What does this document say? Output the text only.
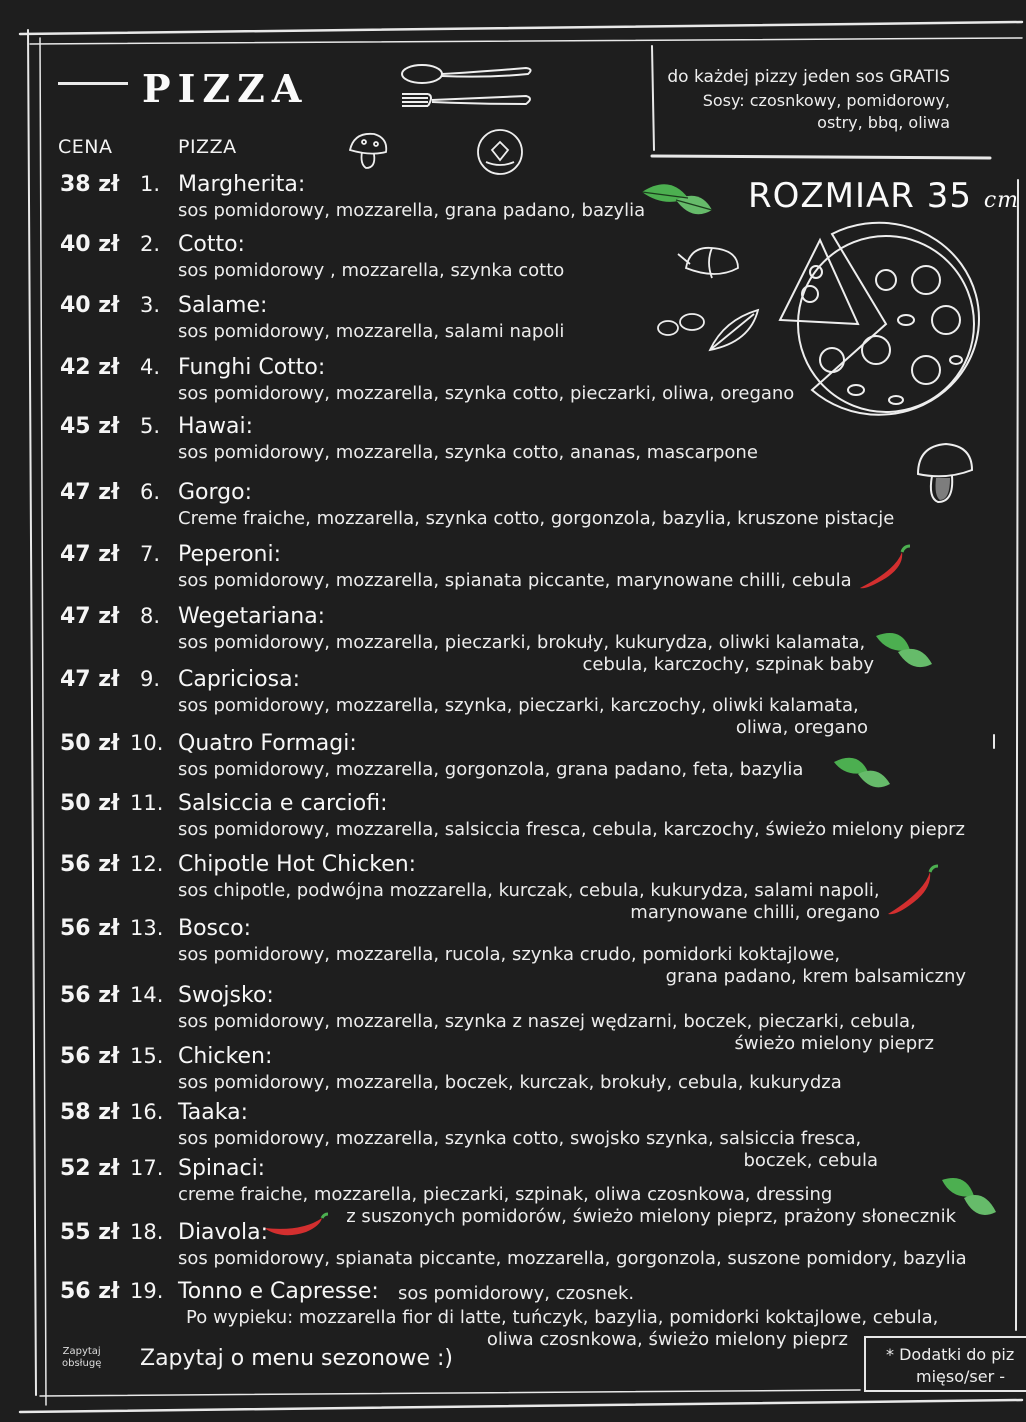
PIZZA
CENA	PIZZA
do każdej pizzy jeden sos GRATIS
Sosy: czosnkowy, pomidorowy,
ostry, bbq, oliwa
ROZMIAR 35 cm
38 zł 1. Margherita:
sos pomidorowy, mozzarella, grana padano, bazylia
40 zł 2. Cotto:
sos pomidorowy , mozzarella, szynka cotto
40 zł 3. Salame:
sos pomidorowy, mozzarella, salami napoli
42 zł 4. Funghi Cotto:
sos pomidorowy, mozzarella, szynka cotto, pieczarki, oliwa, oregano
45 zł 5. Hawai:
sos pomidorowy, mozzarella, szynka cotto, ananas, mascarpone
47 zł 6. Gorgo:
Creme fraiche, mozzarella, szynka cotto, gorgonzola, bazylia, kruszone pistacje
47 zł 7. Peperoni:
sos pomidorowy, mozzarella, spianata piccante, marynowane chilli, cebula
47 zł 8. Wegetariana:
sos pomidorowy, mozzarella, pieczarki, brokuły, kukurydza, oliwki kalamata,
cebula, karczochy, szpinak baby
47 zł 9. Capriciosa:
sos pomidorowy, mozzarella, szynka, pieczarki, karczochy, oliwki kalamata,
oliwa, oregano
50 zł 10. Quatro Formagi:
sos pomidorowy, mozzarella, gorgonzola, grana padano, feta, bazylia
50 zł 11. Salsiccia e carciofi:
sos pomidorowy, mozzarella, salsiccia fresca, cebula, karczochy, świeżo mielony pieprz
56 zł 12. Chipotle Hot Chicken:
sos chipotle, podwójna mozzarella, kurczak, cebula, kukurydza, salami napoli,
marynowane chilli, oregano
56 zł 13. Bosco:
sos pomidorowy, mozzarella, rucola, szynka crudo, pomidorki koktajlowe,
grana padano, krem balsamiczny
56 zł 14. Swojsko:
sos pomidorowy, mozzarella, szynka z naszej wędzarni, boczek, pieczarki, cebula,
świeżo mielony pieprz
56 zł 15. Chicken:
sos pomidorowy, mozzarella, boczek, kurczak, brokuły, cebula, kukurydza
58 zł 16. Taaka:
sos pomidorowy, mozzarella, szynka cotto, swojsko szynka, salsiccia fresca,
boczek, cebula
52 zł 17. Spinaci:
creme fraiche, mozzarella, pieczarki, szpinak, oliwa czosnkowa, dressing
z suszonych pomidorów, świeżo mielony pieprz, prażony słonecznik
55 zł 18. Diavola:
sos pomidorowy, spianata piccante, mozzarella, gorgonzola, suszone pomidory, bazylia
56 zł 19. Tonno e Capresse: sos pomidorowy, czosnek.
Po wypieku: mozzarella fior di latte, tuńczyk, bazylia, pomidorki koktajlowe, cebula,
oliwa czosnkowa, świeżo mielony pieprz
Zapytaj
obsługę Zapytaj o menu sezonowe :)	* Dodatki do piz
mięso/ser -
